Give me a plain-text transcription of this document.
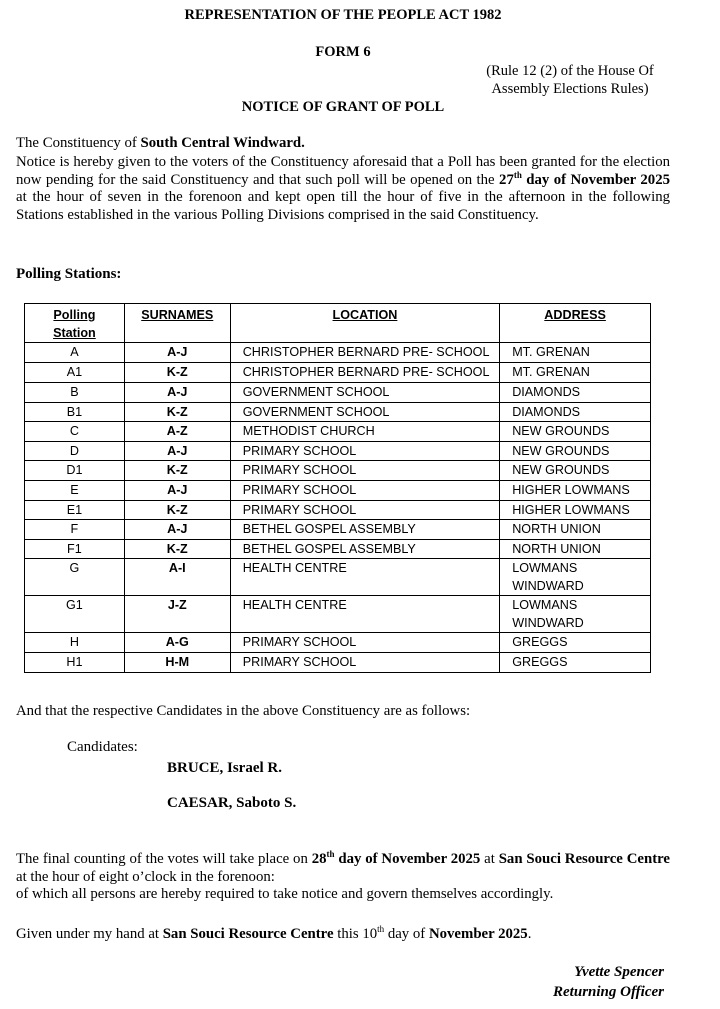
REPRESENTATION OF THE PEOPLE ACT 1982
FORM 6
(Rule 12 (2) of the House Of
Assembly Elections Rules)
NOTICE OF GRANT OF POLL
The Constituency of South Central Windward.
Notice is hereby given to the voters of the Constituency aforesaid that a Poll has been granted for the election now pending for the said Constituency and that such poll will be opened on the 27th day of November 2025 at the hour of seven in the forenoon and kept open till the hour of five in the afternoon in the following Stations established in the various Polling Divisions comprised in the said Constituency.
Polling Stations:
Polling
Station	SURNAMES	LOCATION	ADDRESS
A	A-J	CHRISTOPHER BERNARD PRE- SCHOOL	MT. GRENAN
A1	K-Z	CHRISTOPHER BERNARD PRE- SCHOOL	MT. GRENAN
B	A-J	GOVERNMENT SCHOOL	DIAMONDS
B1	K-Z	GOVERNMENT SCHOOL	DIAMONDS
C	A-Z	METHODIST CHURCH	NEW GROUNDS
D	A-J	PRIMARY SCHOOL	NEW GROUNDS
D1	K-Z	PRIMARY SCHOOL	NEW GROUNDS
E	A-J	PRIMARY SCHOOL	HIGHER LOWMANS
E1	K-Z	PRIMARY SCHOOL	HIGHER LOWMANS
F	A-J	BETHEL GOSPEL ASSEMBLY	NORTH UNION
F1	K-Z	BETHEL GOSPEL ASSEMBLY	NORTH UNION
G	A-I	HEALTH CENTRE	LOWMANS WINDWARD
G1	J-Z	HEALTH CENTRE	LOWMANS WINDWARD
H	A-G	PRIMARY SCHOOL	GREGGS
H1	H-M	PRIMARY SCHOOL	GREGGS
And that the respective Candidates in the above Constituency are as follows:
Candidates:
BRUCE, Israel R.
CAESAR, Saboto S.
The final counting of the votes will take place on 28th day of November 2025 at San Souci Resource Centre at the hour of eight o’clock in the forenoon:
of which all persons are hereby required to take notice and govern themselves accordingly.
Given under my hand at San Souci Resource Centre this 10th day of November 2025.
Yvette Spencer
Returning Officer
